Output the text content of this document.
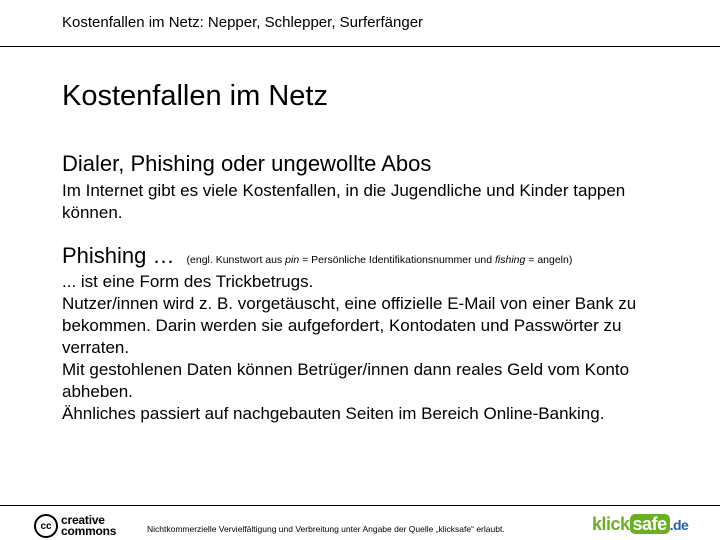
Kostenfallen im Netz: Nepper, Schlepper, Surferfänger
Kostenfallen im Netz
Dialer, Phishing oder ungewollte Abos
Im Internet gibt es viele Kostenfallen, in die Jugendliche und Kinder tappen können.
Phishing … (engl. Kunstwort aus pin = Persönliche Identifikationsnummer und fishing = angeln)

... ist eine Form des Trickbetrugs.

Nutzer/innen wird z. B. vorgetäuscht, eine offizielle E-Mail von einer Bank zu bekommen. Darin werden sie aufgefordert, Kontodaten und Passwörter zu verraten.

Mit gestohlenen Daten können Betrüger/innen dann reales Geld vom Konto abheben.

Ähnliches passiert auf nachgebauten Seiten im Bereich Online-Banking.

cc creative
commons	Nichtkommerzielle Vervielfältigung und Verbreitung unter Angabe der Quelle „klicksafe“ erlaubt.	klick safe .de
